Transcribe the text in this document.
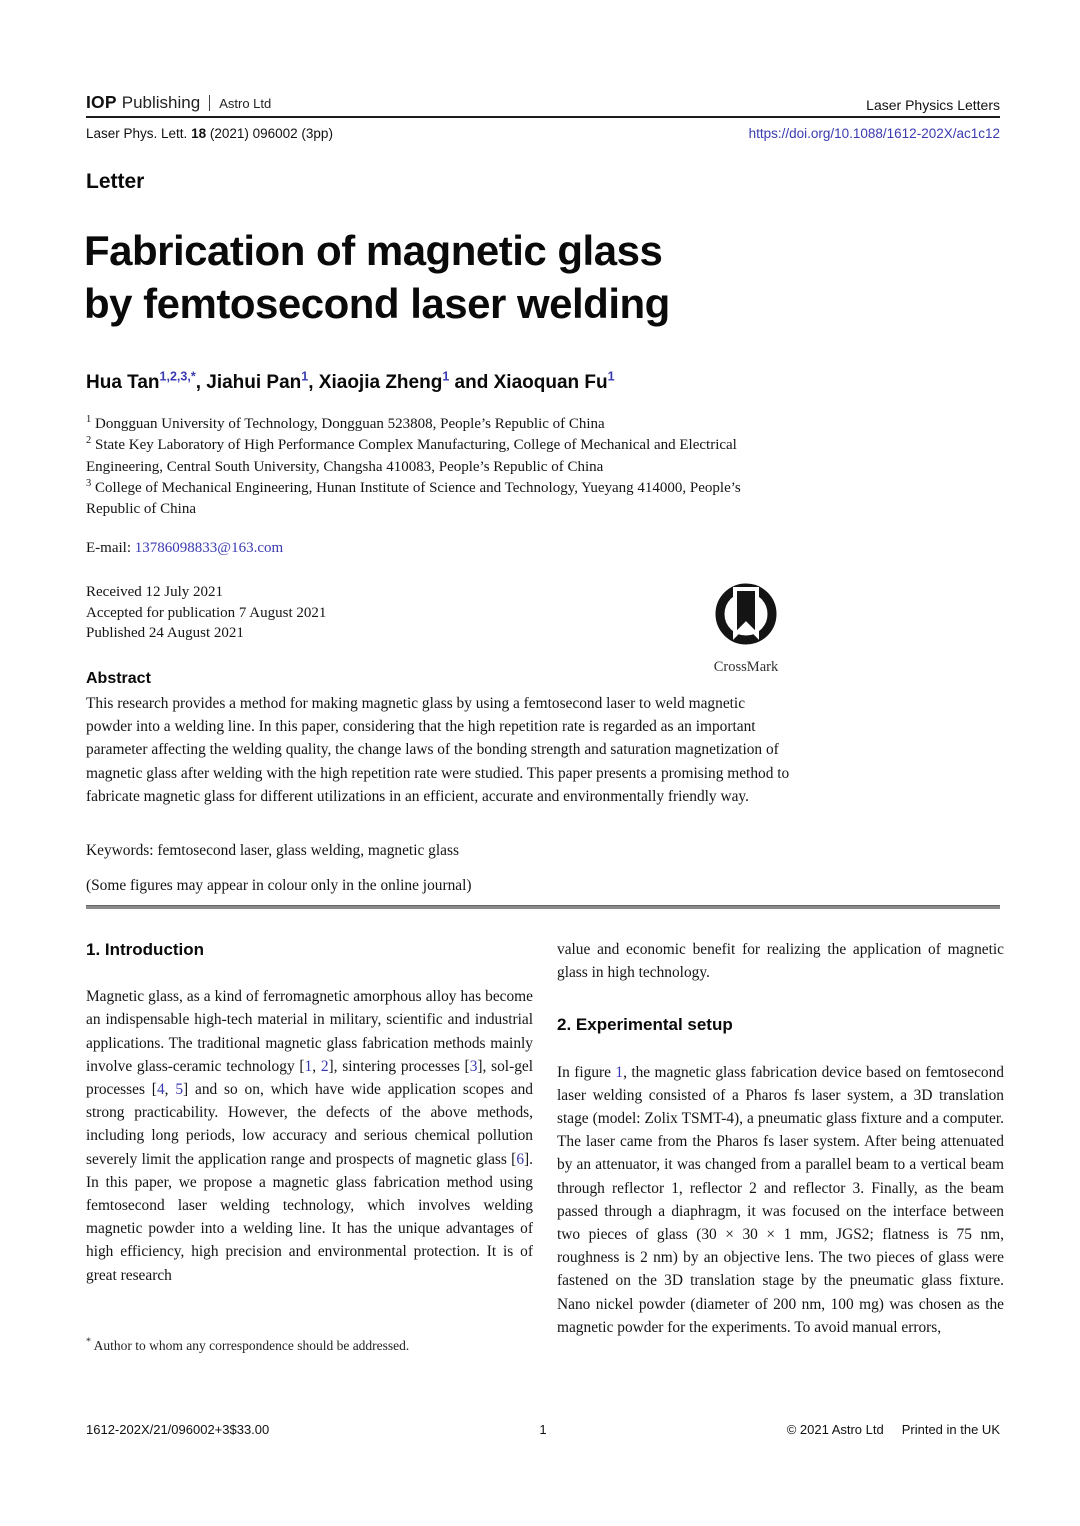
IOP Publishing Astro Ltd	Laser Physics Letters
Laser Phys. Lett. 18 (2021) 096002 (3pp)	https://doi.org/10.1088/1612-202X/ac1c12
Letter
Fabrication of magnetic glass
by femtosecond laser welding
Hua Tan$^{1,2,3,*}$, Jiahui Pan$^1$, Xiaojia Zheng$^1$ and Xiaoquan Fu$^1$
$^1$ Dongguan University of Technology, Dongguan 523808, People’s Republic of China
$^2$ State Key Laboratory of High Performance Complex Manufacturing, College of Mechanical and Electrical Engineering, Central South University, Changsha 410083, People’s Republic of China
$^3$ College of Mechanical Engineering, Hunan Institute of Science and Technology, Yueyang 414000, People’s Republic of China
E-mail: 13786098833@163.com
Received 12 July 2021
Accepted for publication 7 August 2021
Published 24 August 2021
CrossMark
Abstract
This research provides a method for making magnetic glass by using a femtosecond laser to weld magnetic powder into a welding line. In this paper, considering that the high repetition rate is regarded as an important parameter affecting the welding quality, the change laws of the bonding strength and saturation magnetization of magnetic glass after welding with the high repetition rate were studied. This paper presents a promising method to fabricate magnetic glass for different utilizations in an efficient, accurate and environmentally friendly way.
Keywords: femtosecond laser, glass welding, magnetic glass
(Some figures may appear in colour only in the online journal)
1. Introduction

Magnetic glass, as a kind of ferromagnetic amorphous alloy has become an indispensable high-tech material in military, scientific and industrial applications. The traditional magnetic glass fabrication methods mainly involve glass-ceramic technology [1, 2], sintering processes [3], sol-gel processes [4, 5] and so on, which have wide application scopes and strong practicability. However, the defects of the above methods, including long periods, low accuracy and serious chemical pollution severely limit the application range and prospects of magnetic glass [6]. In this paper, we propose a magnetic glass fabrication method using femtosecond laser welding technology, which involves welding magnetic powder into a welding line. It has the unique advantages of high efficiency, high precision and environmental protection. It is of great research

value and economic benefit for realizing the application of magnetic glass in high technology.

2. Experimental setup

In figure 1, the magnetic glass fabrication device based on femtosecond laser welding consisted of a Pharos fs laser system, a 3D translation stage (model: Zolix TSMT-4), a pneumatic glass fixture and a computer. The laser came from the Pharos fs laser system. After being attenuated by an attenuator, it was changed from a parallel beam to a vertical beam through reflector 1, reflector 2 and reflector 3. Finally, as the beam passed through a diaphragm, it was focused on the interface between two pieces of glass (30 × 30 × 1 mm, JGS2; flatness is 75 nm, roughness is 2 nm) by an objective lens. The two pieces of glass were fastened on the 3D translation stage by the pneumatic glass fixture. Nano nickel powder (diameter of 200 nm, 100 mg) was chosen as the magnetic powder for the experiments. To avoid manual errors,

* Author to whom any correspondence should be addressed.
1
1612-202X/21/096002+3$33.00	© 2021 Astro Ltd Printed in the UK
